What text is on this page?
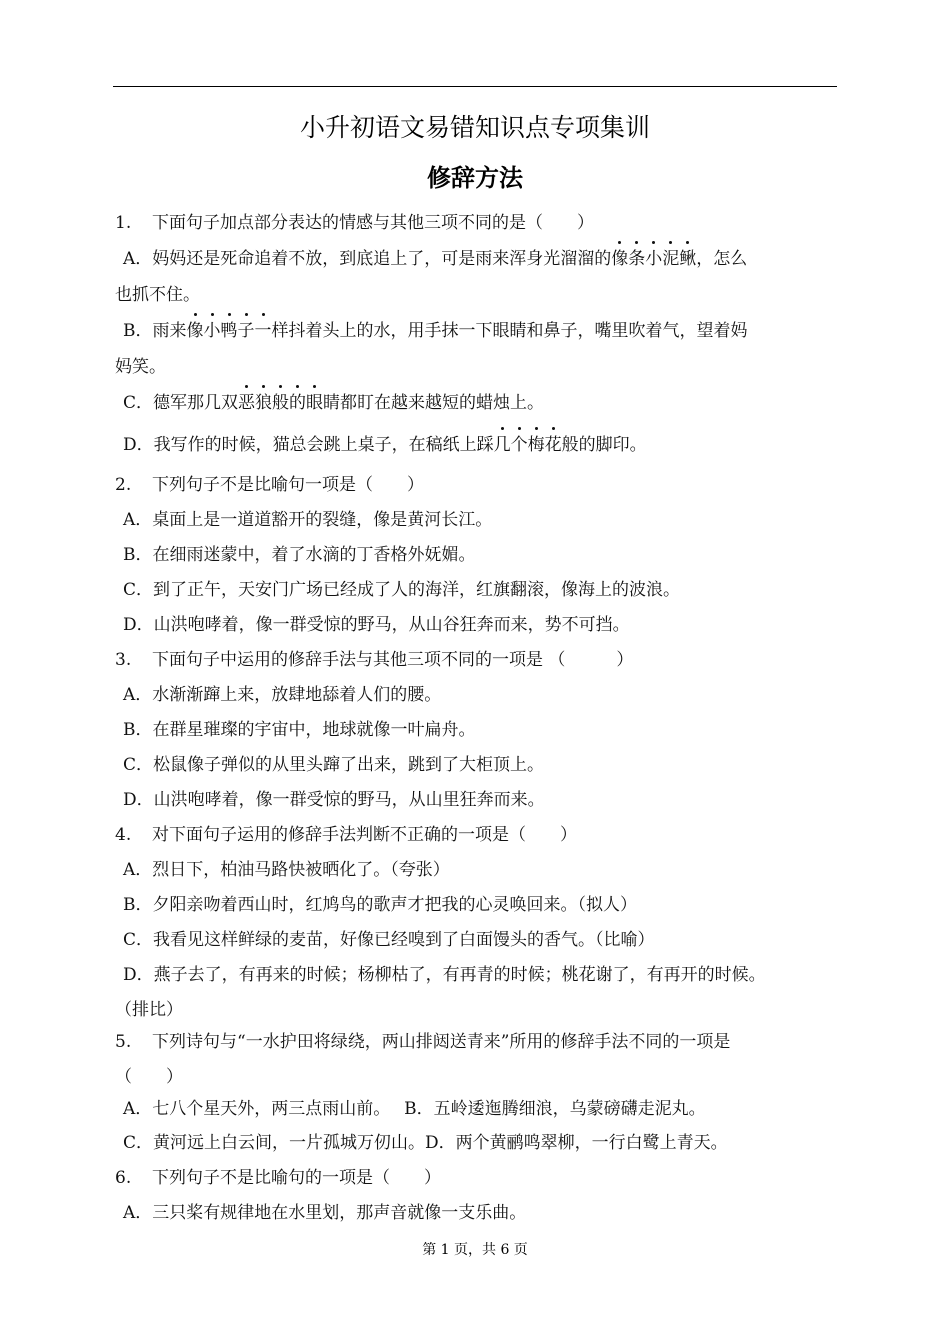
小升初语文易错知识点专项集训
修辞方法
1. 下面句子加点部分表达的情感与其他三项不同的是（　　）
A．妈妈还是死命追着不放，到底追上了，可是雨来浑身光溜溜的像条小泥鳅，怎么
也抓不住。
B．雨来像小鸭子一样抖着头上的水，用手抹一下眼睛和鼻子，嘴里吹着气，望着妈
妈笑。
C．德军那几双恶狼般的眼睛都盯在越来越短的蜡烛上。
D．我写作的时候，猫总会跳上桌子，在稿纸上踩几个梅花般的脚印。
2. 下列句子不是比喻句一项是（　　）
A．桌面上是一道道豁开的裂缝，像是黄河长江。
B．在细雨迷蒙中，着了水滴的丁香格外妩媚。
C．到了正午，天安门广场已经成了人的海洋，红旗翻滚，像海上的波浪。
D．山洪咆哮着，像一群受惊的野马，从山谷狂奔而来，势不可挡。
3. 下面句子中运用的修辞手法与其他三项不同的一项是 （　　　）
A．水渐渐蹿上来，放肆地舔着人们的腰。
B．在群星璀璨的宇宙中，地球就像一叶扁舟。
C．松鼠像子弹似的从里头蹿了出来，跳到了大柜顶上。
D．山洪咆哮着，像一群受惊的野马，从山里狂奔而来。
4. 对下面句子运用的修辞手法判断不正确的一项是（　　）
A．烈日下，柏油马路快被晒化了。（夸张）
B．夕阳亲吻着西山时，红鸠鸟的歌声才把我的心灵唤回来。（拟人）
C．我看见这样鲜绿的麦苗，好像已经嗅到了白面馒头的香气。（比喻）
D．燕子去了，有再来的时候；杨柳枯了，有再青的时候；桃花谢了，有再开的时候。
（排比）
5. 下列诗句与“一水护田将绿绕，两山排闼送青来”所用的修辞手法不同的一项是
（　　）
A．七八个星天外，两三点雨山前。　 B．五岭逶迤腾细浪，乌蒙磅礴走泥丸。
C．黄河远上白云间，一片孤城万仞山。D．两个黄鹂鸣翠柳，一行白鹭上青天。
6. 下列句子不是比喻句的一项是（　　）
A．三只桨有规律地在水里划，那声音就像一支乐曲。
第 1 页，共 6 页
